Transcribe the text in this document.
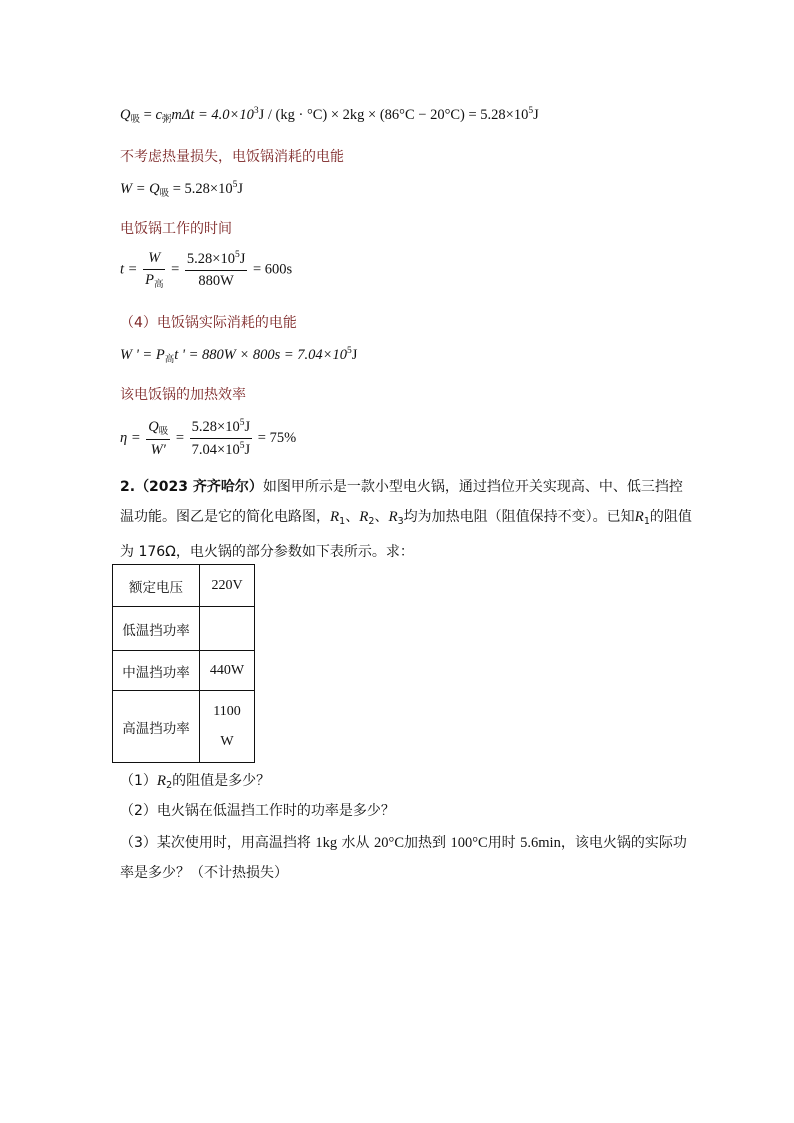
$Q_吸 = c_粥m\Delta t = 4.0\times 10^3J / (kg \cdot ^\circ C) \times 2kg \times (86^\circ C - 20^\circ C) = 5.28\times 10^5J$
不考虑热量损失，电饭锅消耗的电能
$W = Q_吸 = 5.28\times 10^5J$
电饭锅工作的时间
$t = \frac{W}{P_高} = \frac{5.28\times 10^5J}{880W} = 600s$
（4）电饭锅实际消耗的电能
W ' = $P_高t$ ' = $880W \times 800s = 7.04\times 10^5J$
该电饭锅的加热效率
$\eta = \frac{Q_吸}{W'} = \frac{5.28\times 10^5J}{7.04\times 10^5J} = 75\%$
2.（2023 齐齐哈尔）如图甲所示是一款小型电火锅，通过挡位开关实现高、中、低三挡控温功能。图乙是它的简化电路图，$R_1$、$R_2$、$R_3$均为加热电阻（阻值保持不变）。已知$R_1$的阻值为 176Ω，电火锅的部分参数如下表所示。求：
额定电压	220V
低温挡功率	
中温挡功率	440W
高温挡功率	1100
W
$(1)R_2$的阻值是多少？
（2）电火锅在低温挡工作时的功率是多少？
（3）某次使用时，用高温挡将 1kg 水从 20°C加热到 100°C用时 5.6min，该电火锅的实际功率是多少？（不计热损失）
